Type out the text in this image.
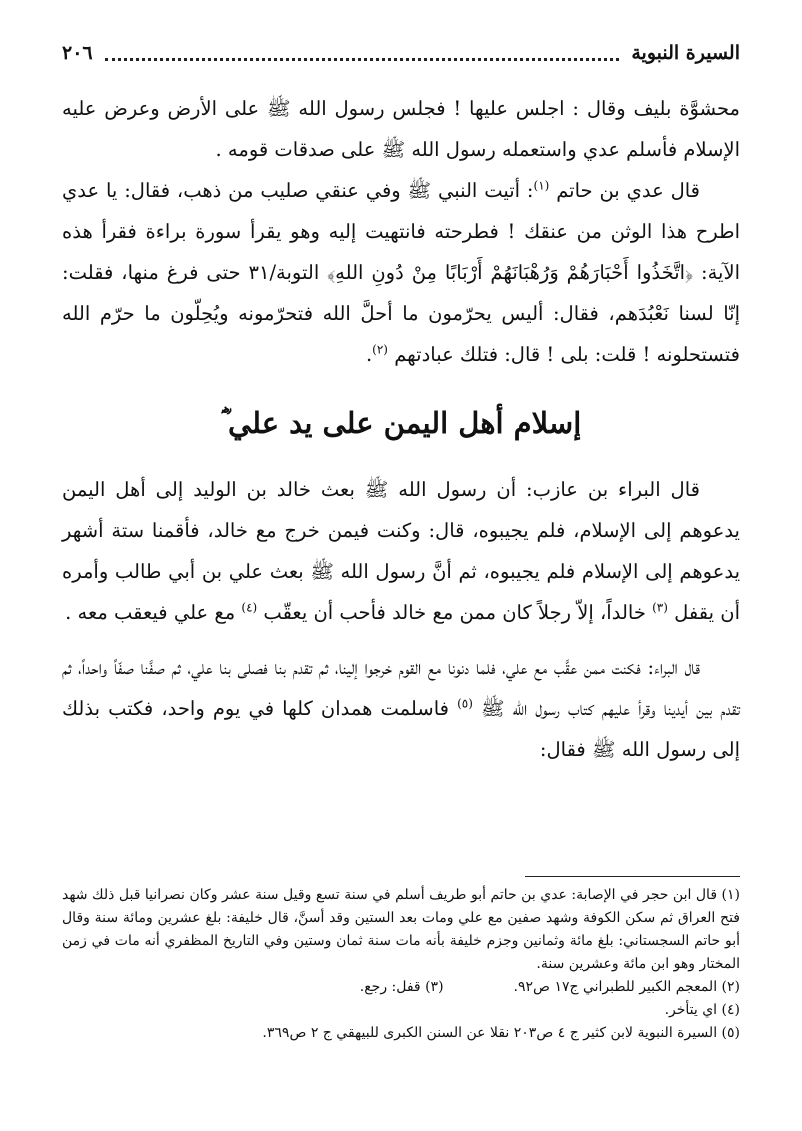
السيرة النبوية
٢٠٦

محشوَّة بليف وقال : اجلس عليها ! فجلس رسول الله ﷺ على الأرض وعرض عليه الإسلام فأسلم عدي واستعمله رسول الله ﷺ على صدقات قومه .

قال عدي بن حاتم $^{(١)}$: أتيت النبي ﷺ وفي عنقي صليب من ذهب، فقال: يا عدي اطرح هذا الوثن من عنقك ! فطرحته فانتهيت إليه وهو يقرأ سورة براءة فقرأ هذه الآية: ﴿اتَّخَذُوا أَحْبَارَهُمْ وَرُهْبَانَهُمْ أَرْبَابًا مِنْ دُونِ اللهِ﴾ التوبة/٣١ حتى فرغ منها، فقلت: إنّا لسنا نَعْبُدَهم، فقال: أليس يحرّمون ما أحلَّ الله فتحرّمونه ويُحِلّون ما حرّم الله فتستحلونه ! قلت: بلى ! قال: فتلك عبادتهم $^{(٢)}$.

إسلام أهل اليمن على يد علي ؓ

قال البراء بن عازب: أن رسول الله ﷺ بعث خالد بن الوليد إلى أهل اليمن يدعوهم إلى الإسلام، فلم يجيبوه، قال: وكنت فيمن خرج مع خالد، فأقمنا ستة أشهر يدعوهم إلى الإسلام فلم يجيبوه، ثم أنَّ رسول الله ﷺ بعث علي بن أبي طالب وأمره أن يقفل $^{(٣)}$ خالداً، إلاّ رجلاً كان ممن مع خالد فأحب أن يعقّب $^{(٤)}$ مع علي فيعقب معه .

قال البراء: فكنت ممن عقَّب مع علي، فلما دنونا مع القوم خرجوا إلينا، ثم تقدم بنا فصلى بنا علي، ثم صفَّنا صفّاً واحداً، ثم تقدم بين أيدينا وقرأ عليهم كتاب رسول الله ﷺ $^{(٥)}$ فاسلمت همدان كلها في يوم واحد، فكتب بذلك إلى رسول الله ﷺ فقال:

(١) قال ابن حجر في الإصابة: عدي بن حاتم أبو طريف أسلم في سنة تسع وقيل سنة عشر وكان نصرانيا قبل ذلك شهد فتح العراق ثم سكن الكوفة وشهد صفين مع علي ومات بعد الستين وقد أسنَّ، قال خليفة: بلغ عشرين ومائة سنة وقال أبو حاتم السجستاني: بلغ مائة وثمانين وجزم خليفة بأنه مات سنة ثمان وستين وفي التاريخ المظفري أنه مات في زمن المختار وهو ابن مائة وعشرين سنة.

(٢) المعجم الكبير للطبراني ج١٧ ص٩٢.
(٣) قفل: رجع.

(٤) اي يتأخر.

(٥) السيرة النبوية لابن كثير ج ٤ ص٢٠٣ نقلا عن السنن الكبرى للبيهقي ج ٢ ص٣٦٩.
